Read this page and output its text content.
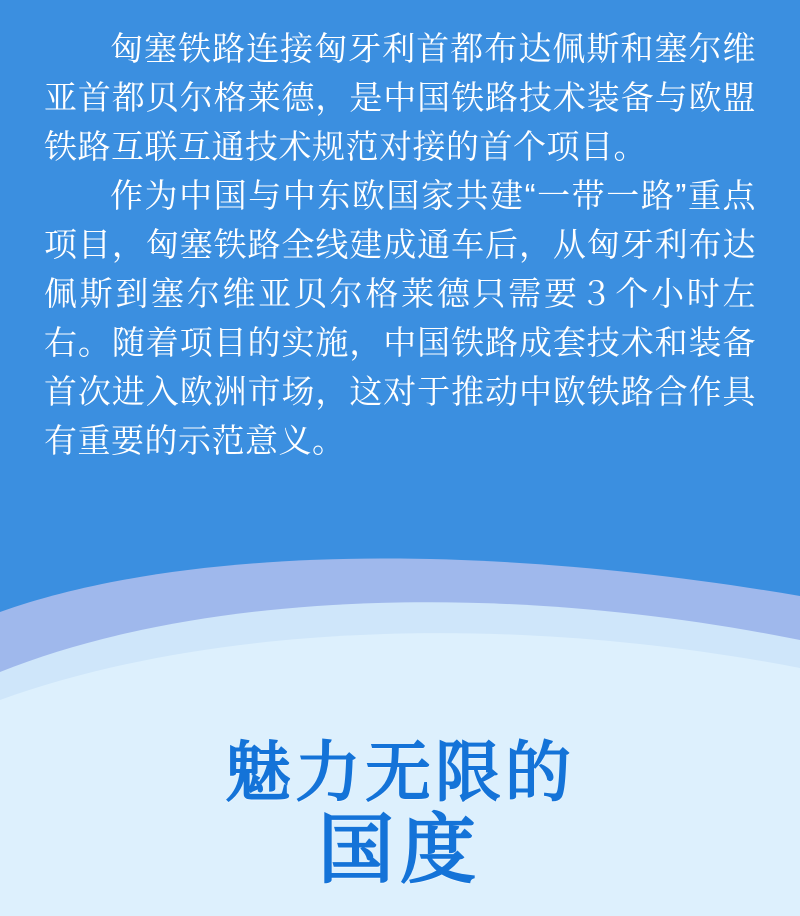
匈塞铁路连接匈牙利首都布达佩斯和塞尔维亚首都贝尔格莱德，是中国铁路技术装备与欧盟铁路互联互通技术规范对接的首个项目。

作为中国与中东欧国家共建“一带一路”重点项目，匈塞铁路全线建成通车后，从匈牙利布达佩斯到塞尔维亚贝尔格莱德只需要３个小时左右。随着项目的实施，中国铁路成套技术和装备首次进入欧洲市场，这对于推动中欧铁路合作具有重要的示范意义。

魅力无限的
国度
